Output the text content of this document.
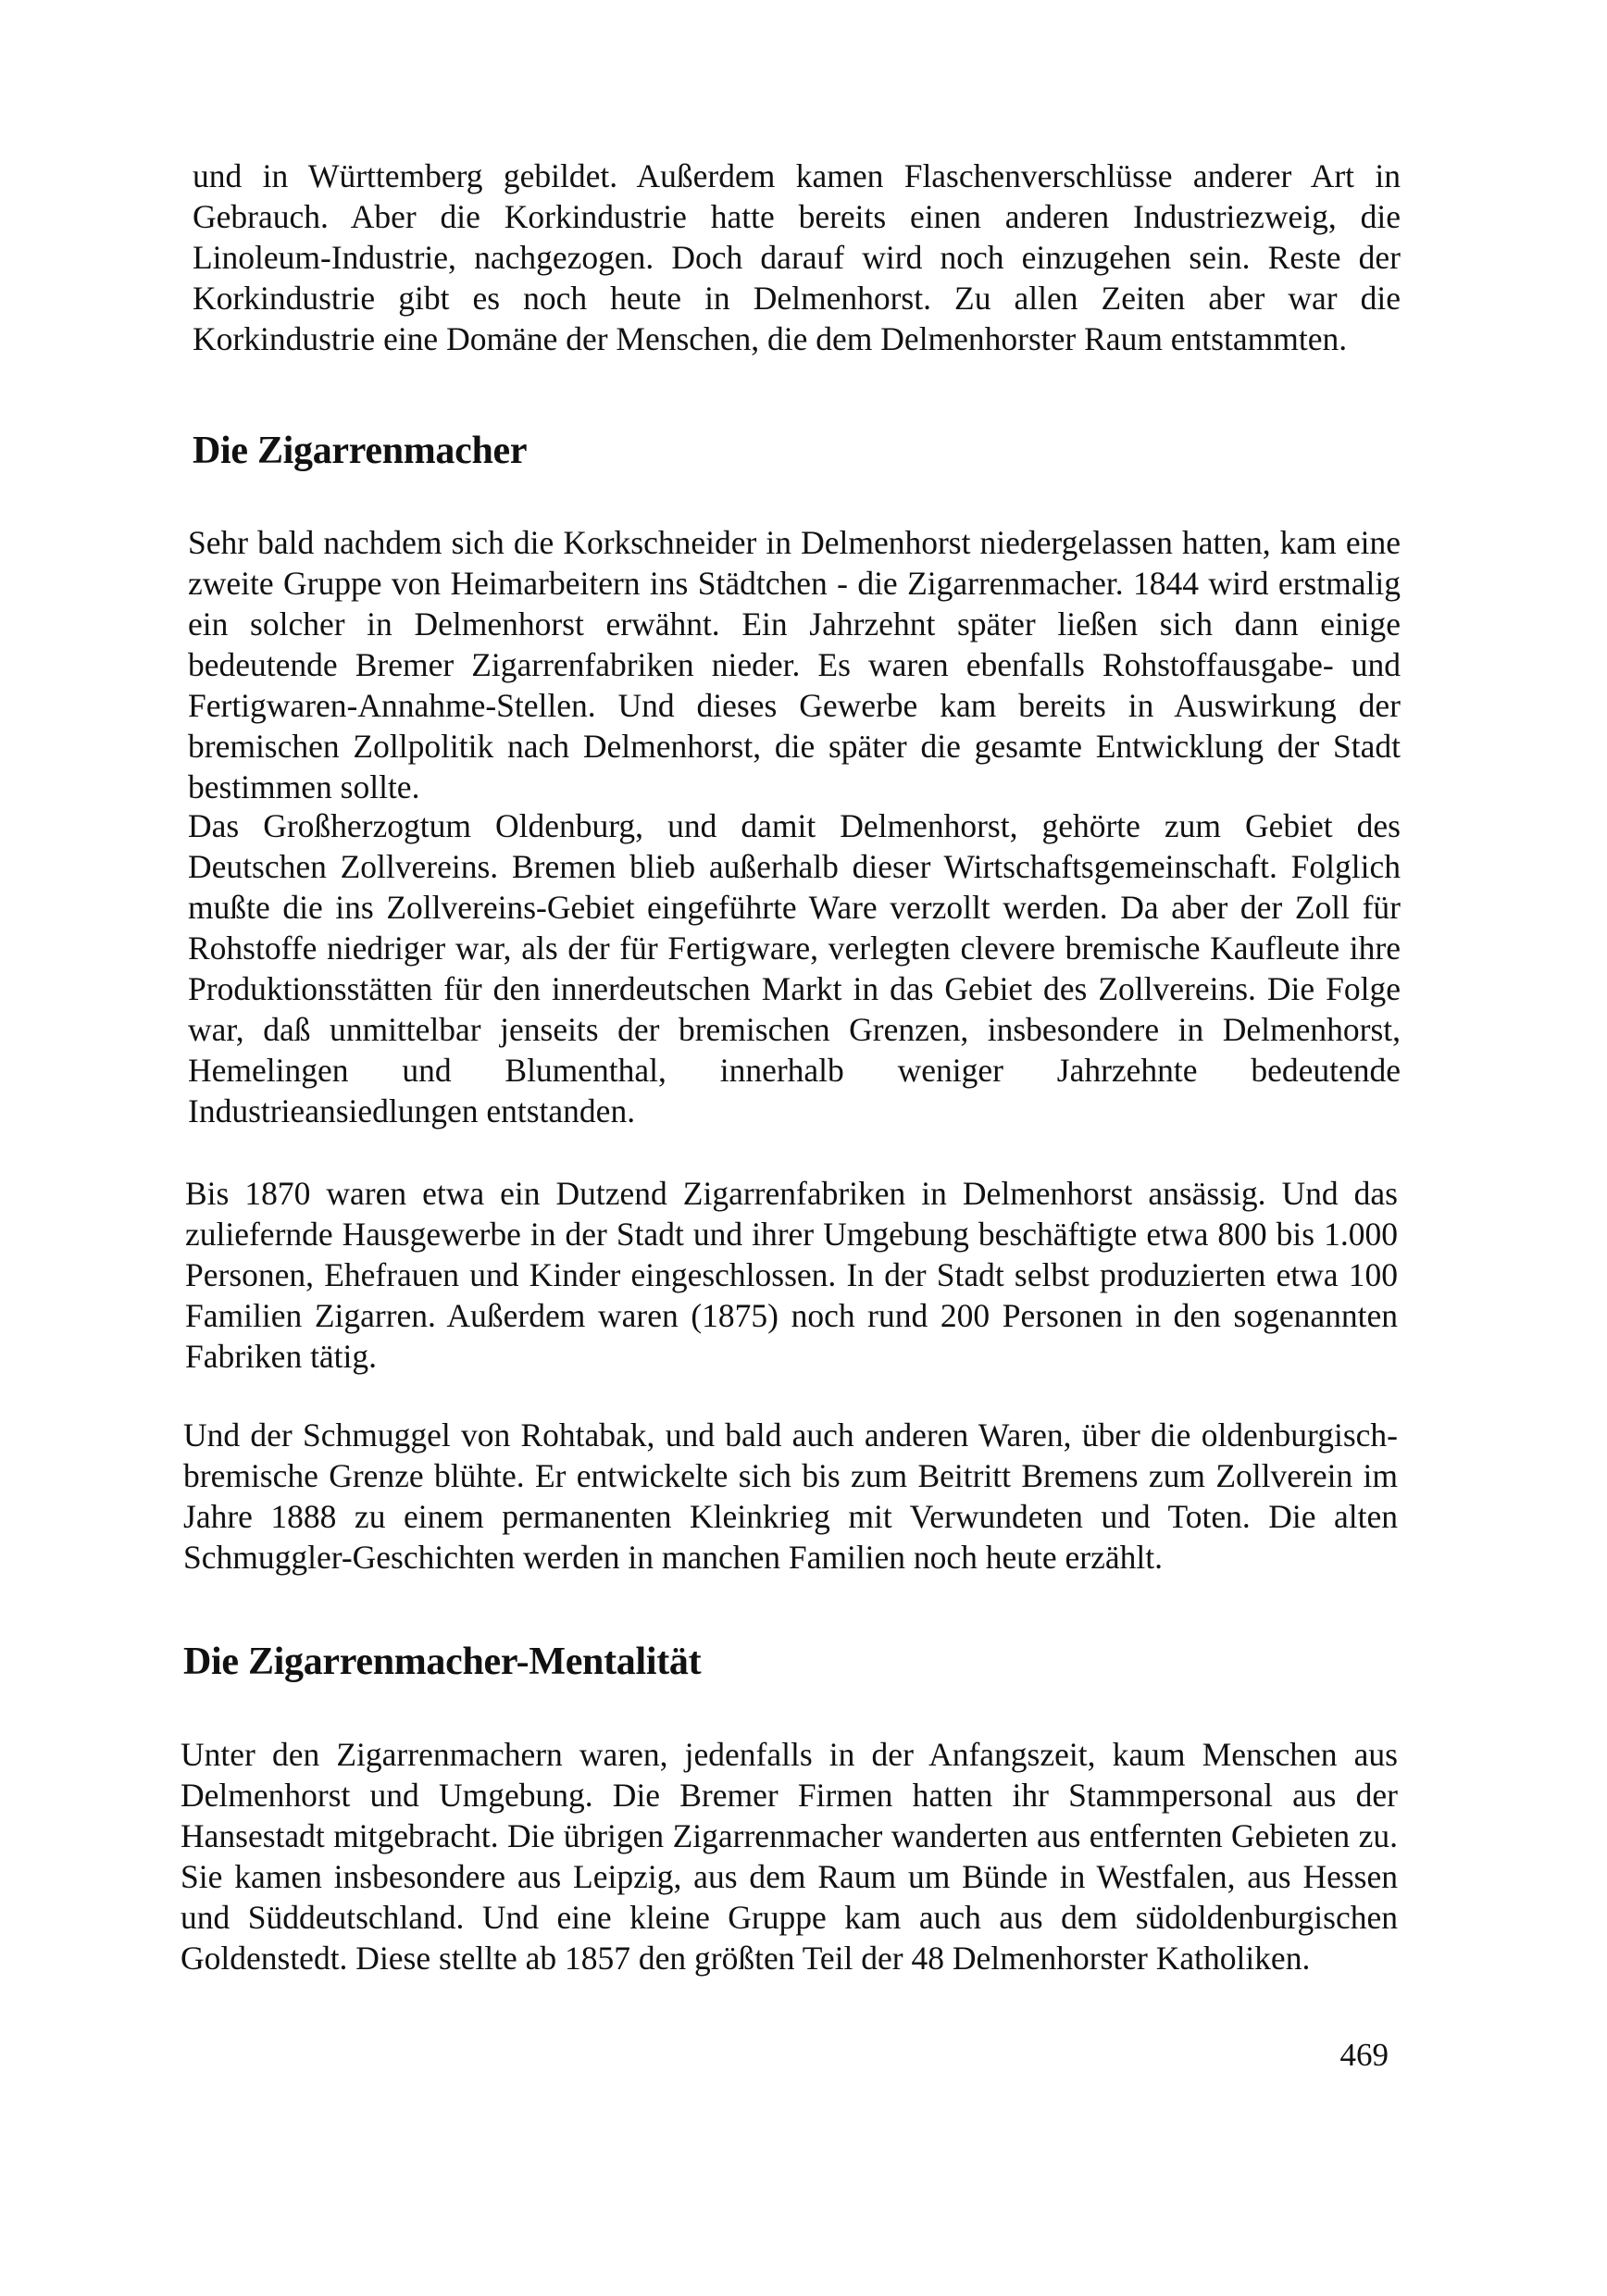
und in Württemberg gebildet. Außerdem kamen Flaschenverschlüsse anderer Art in Gebrauch. Aber die Korkindustrie hatte bereits einen anderen Industriezweig, die Linoleum-Industrie, nachgezogen. Doch darauf wird noch einzugehen sein. Reste der Korkindustrie gibt es noch heute in Delmenhorst. Zu allen Zeiten aber war die Korkindustrie eine Domäne der Menschen, die dem Delmenhorster Raum entstammten.

Die Zigarrenmacher

Sehr bald nachdem sich die Korkschneider in Delmenhorst niedergelassen hatten, kam eine zweite Gruppe von Heimarbeitern ins Städtchen - die Zigarrenmacher. 1844 wird erstmalig ein solcher in Delmenhorst erwähnt. Ein Jahrzehnt später ließen sich dann einige bedeutende Bremer Zigarrenfabriken nieder. Es waren ebenfalls Rohstoffausgabe- und Fertigwaren-Annahme-Stellen. Und dieses Gewerbe kam bereits in Auswirkung der bremischen Zollpolitik nach Delmenhorst, die später die gesamte Entwicklung der Stadt bestimmen sollte.

Das Großherzogtum Oldenburg, und damit Delmenhorst, gehörte zum Gebiet des Deutschen Zollvereins. Bremen blieb außerhalb dieser Wirtschaftsgemeinschaft. Folglich mußte die ins Zollvereins-Gebiet eingeführte Ware verzollt werden. Da aber der Zoll für Rohstoffe niedriger war, als der für Fertigware, verlegten clevere bremische Kaufleute ihre Produktionsstätten für den innerdeutschen Markt in das Gebiet des Zollvereins. Die Folge war, daß unmittelbar jenseits der bremischen Grenzen, insbesondere in Delmenhorst, Hemelingen und Blumenthal, innerhalb weniger Jahrzehnte bedeutende Industrieansiedlungen entstanden.

Bis 1870 waren etwa ein Dutzend Zigarrenfabriken in Delmenhorst ansässig. Und das zuliefernde Hausgewerbe in der Stadt und ihrer Umgebung beschäftigte etwa 800 bis 1.000 Personen, Ehefrauen und Kinder eingeschlossen. In der Stadt selbst produzierten etwa 100 Familien Zigarren. Außerdem waren (1875) noch rund 200 Personen in den sogenannten Fabriken tätig.

Und der Schmuggel von Rohtabak, und bald auch anderen Waren, über die oldenburgisch-bremische Grenze blühte. Er entwickelte sich bis zum Beitritt Bremens zum Zollverein im Jahre 1888 zu einem permanenten Kleinkrieg mit Verwundeten und Toten. Die alten Schmuggler-Geschichten werden in manchen Familien noch heute erzählt.

Die Zigarrenmacher-Mentalität

Unter den Zigarrenmachern waren, jedenfalls in der Anfangszeit, kaum Menschen aus Delmenhorst und Umgebung. Die Bremer Firmen hatten ihr Stammpersonal aus der Hansestadt mitgebracht. Die übrigen Zigarrenmacher wanderten aus entfernten Gebieten zu. Sie kamen insbesondere aus Leipzig, aus dem Raum um Bünde in Westfalen, aus Hessen und Süddeutschland. Und eine kleine Gruppe kam auch aus dem südoldenburgischen Goldenstedt. Diese stellte ab 1857 den größten Teil der 48 Delmenhorster Katholiken.

469
